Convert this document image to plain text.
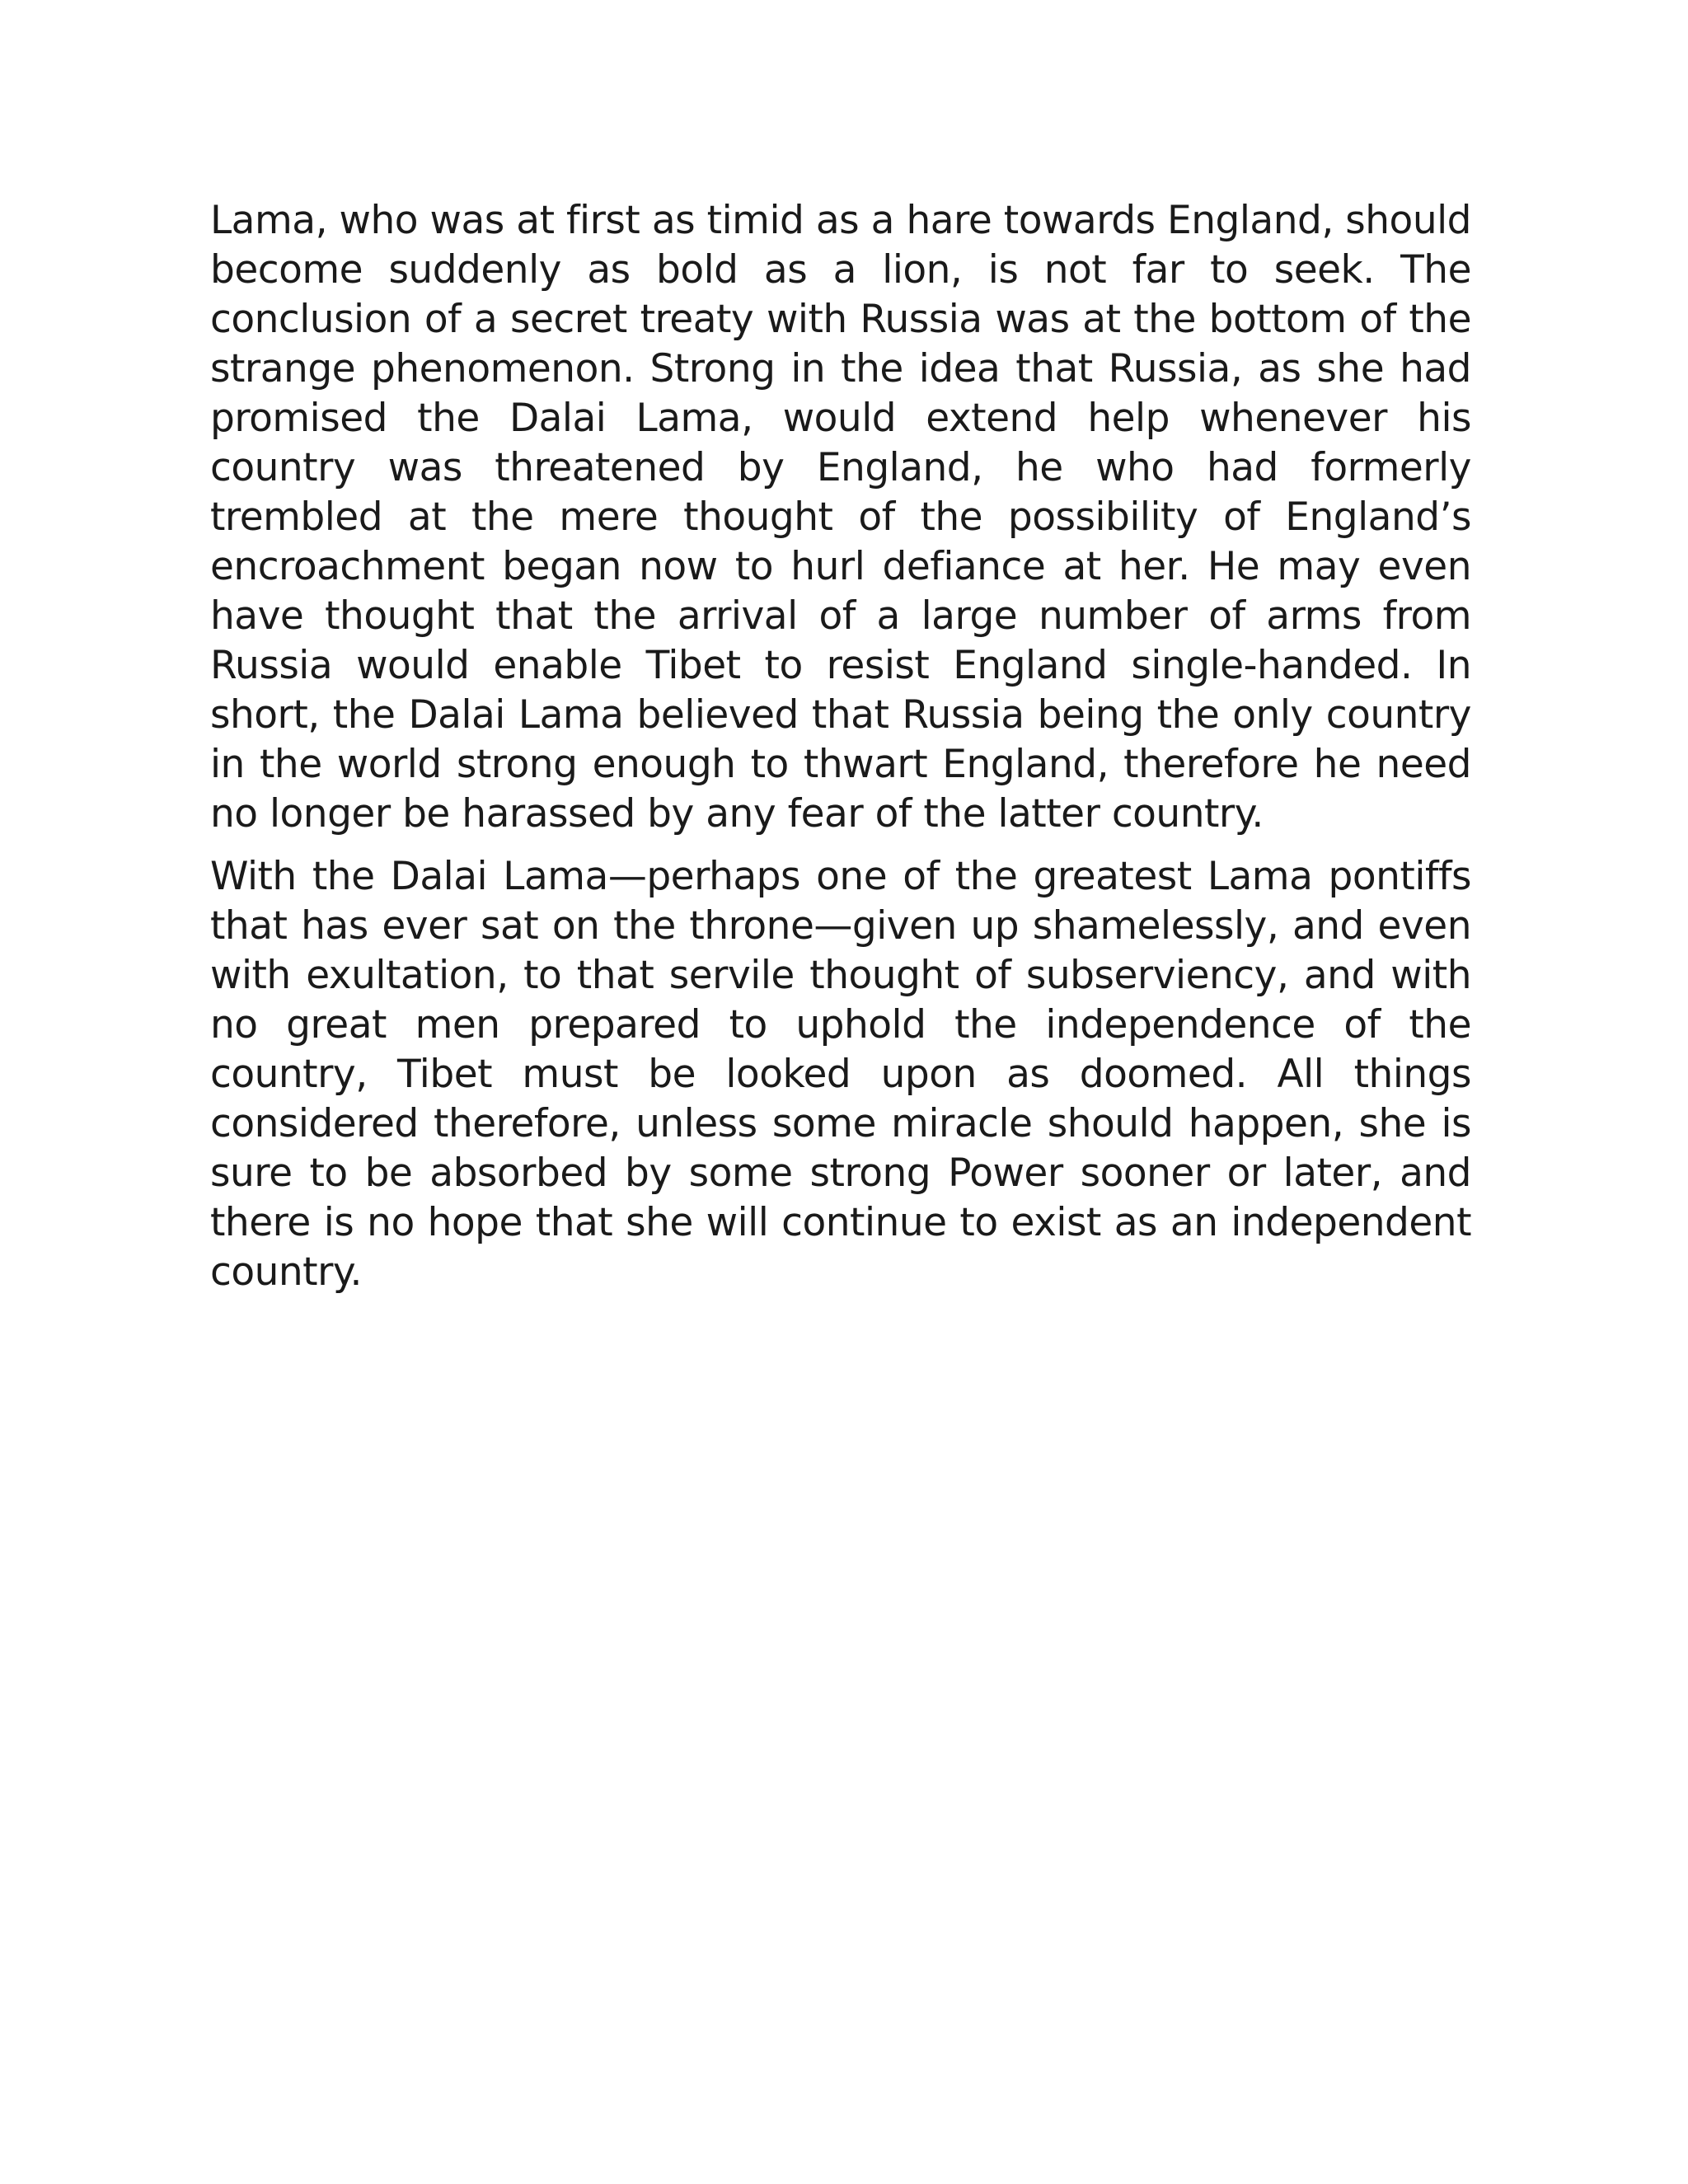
Lama, who was at first as timid as a hare towards England, should become suddenly as bold as a lion, is not far to seek. The conclusion of a secret treaty with Russia was at the bottom of the strange phenomenon. Strong in the idea that Russia, as she had promised the Dalai Lama, would extend help whenever his country was threatened by England, he who had formerly trembled at the mere thought of the possibility of England’s encroachment began now to hurl defiance at her. He may even have thought that the arrival of a large number of arms from Russia would enable Tibet to resist England single-handed. In short, the Dalai Lama believed that Russia being the only country in the world strong enough to thwart England, therefore he need no longer be harassed by any fear of the latter country.

With the Dalai Lama—perhaps one of the greatest Lama pontiffs that has ever sat on the throne—given up shamelessly, and even with exultation, to that servile thought of subserviency, and with no great men prepared to uphold the independence of the country, Tibet must be looked upon as doomed. All things considered therefore, unless some miracle should happen, she is sure to be absorbed by some strong Power sooner or later, and there is no hope that she will continue to exist as an independent country.
